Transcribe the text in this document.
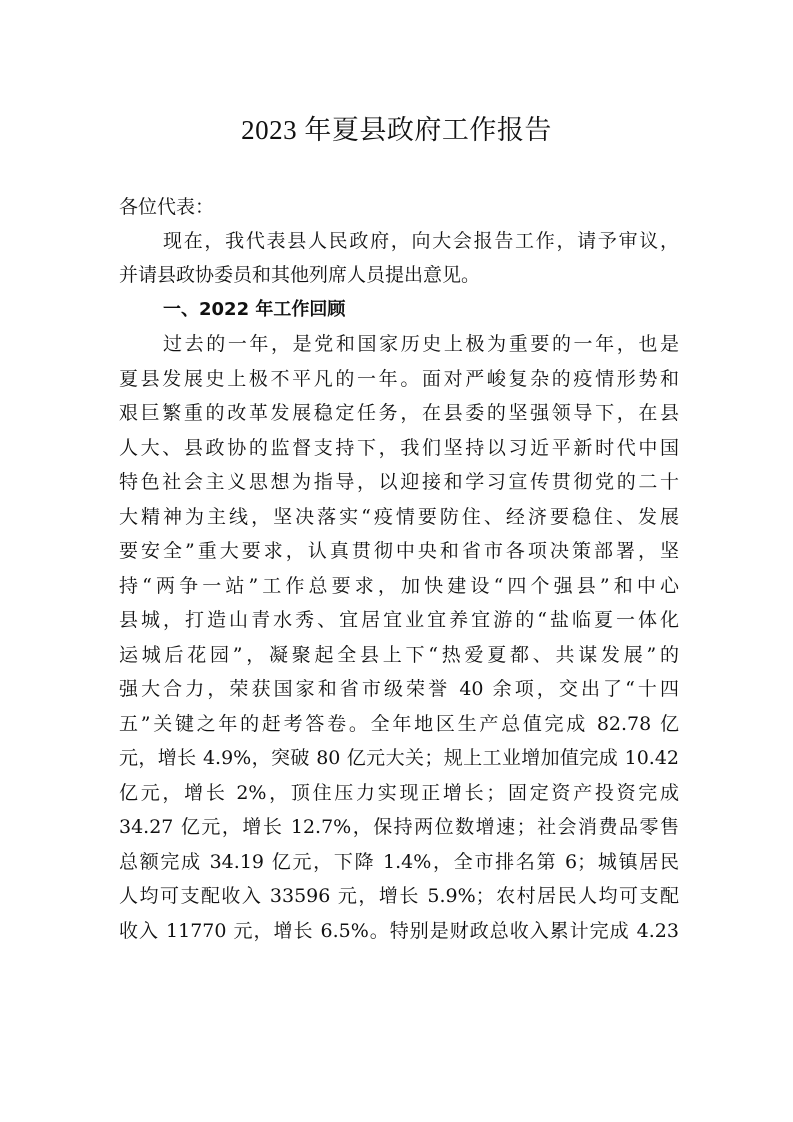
2023 年夏县政府工作报告
各位代表：
现在，我代表县人民政府，向大会报告工作，请予审议，
并请县政协委员和其他列席人员提出意见。
一、2022 年工作回顾
过去的一年，是党和国家历史上极为重要的一年，也是
夏县发展史上极不平凡的一年。面对严峻复杂的疫情形势和
艰巨繁重的改革发展稳定任务，在县委的坚强领导下，在县
人大、县政协的监督支持下，我们坚持以习近平新时代中国
特色社会主义思想为指导，以迎接和学习宣传贯彻党的二十
大精神为主线，坚决落实“疫情要防住、经济要稳住、发展
要安全”重大要求，认真贯彻中央和省市各项决策部署，坚
持“两争一站”工作总要求，加快建设“四个强县”和中心
县城，打造山青水秀、宜居宜业宜养宜游的“盐临夏一体化
运城后花园”，凝聚起全县上下“热爱夏都、共谋发展”的
强大合力，荣获国家和省市级荣誉 40 余项，交出了“十四
五”关键之年的赶考答卷。全年地区生产总值完成 82.78 亿
元，增长 4.9%，突破 80 亿元大关；规上工业增加值完成 10.42
亿元，增长 2%，顶住压力实现正增长；固定资产投资完成
34.27 亿元，增长 12.7%，保持两位数增速；社会消费品零售
总额完成 34.19 亿元，下降 1.4%，全市排名第 6；城镇居民
人均可支配收入 33596 元，增长 5.9%；农村居民人均可支配
收入 11770 元，增长 6.5%。特别是财政总收入累计完成 4.23
